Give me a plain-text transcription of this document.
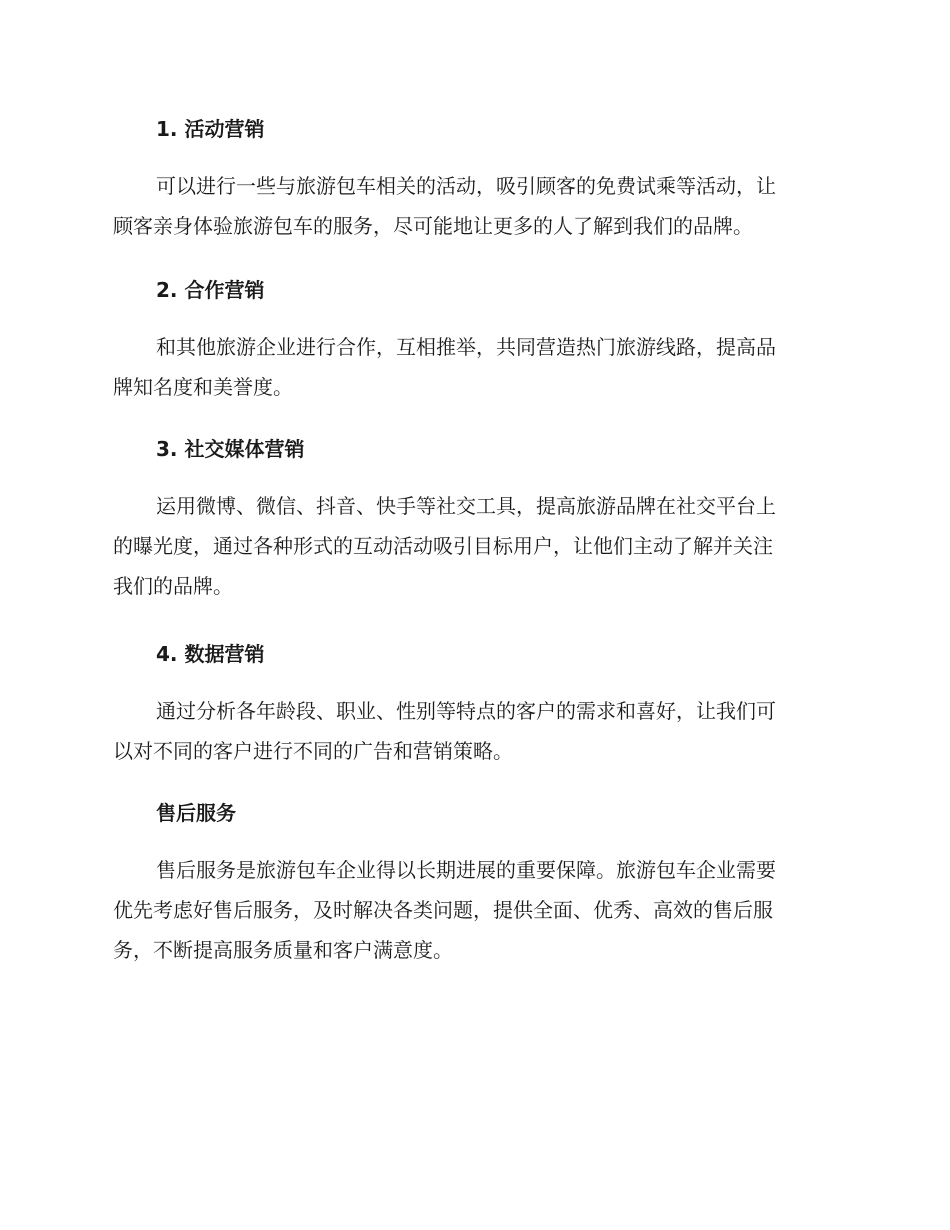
1. 活动营销

可以进行一些与旅游包车相关的活动，吸引顾客的免费试乘等活动，让
顾客亲身体验旅游包车的服务，尽可能地让更多的人了解到我们的品牌。

2. 合作营销

和其他旅游企业进行合作，互相推举，共同营造热门旅游线路，提高品
牌知名度和美誉度。

3. 社交媒体营销

运用微博、微信、抖音、快手等社交工具，提高旅游品牌在社交平台上
的曝光度，通过各种形式的互动活动吸引目标用户，让他们主动了解并关注
我们的品牌。

4. 数据营销

通过分析各年龄段、职业、性别等特点的客户的需求和喜好，让我们可
以对不同的客户进行不同的广告和营销策略。

售后服务

售后服务是旅游包车企业得以长期进展的重要保障。旅游包车企业需要
优先考虑好售后服务，及时解决各类问题，提供全面、优秀、高效的售后服
务，不断提高服务质量和客户满意度。
